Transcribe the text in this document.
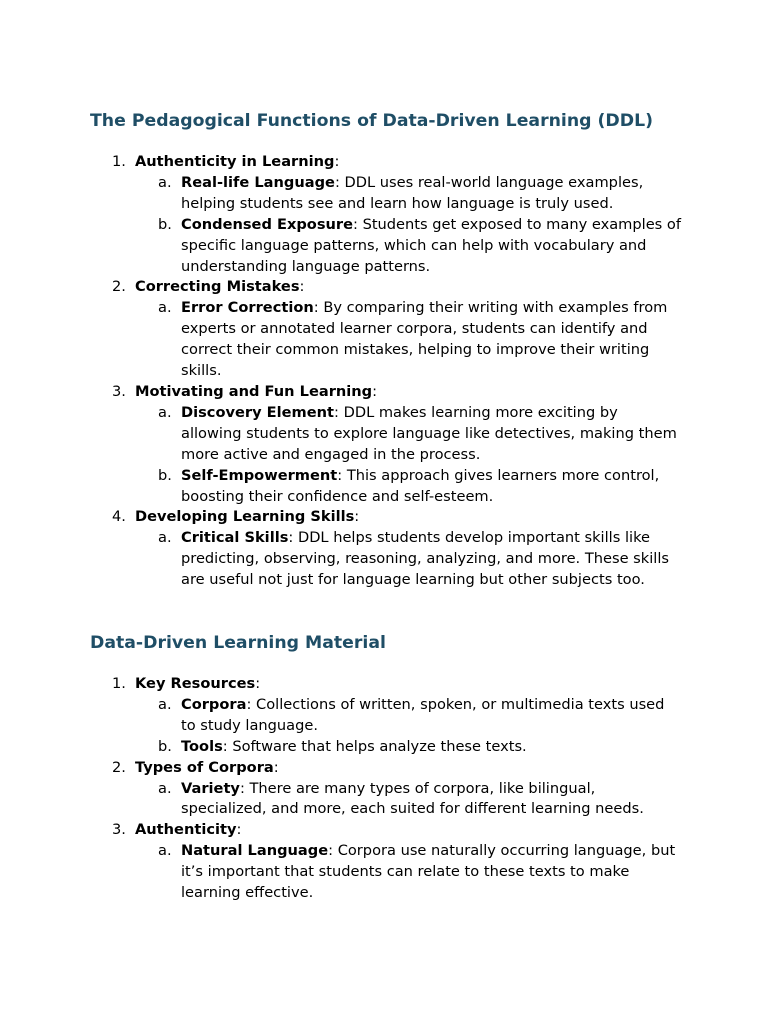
The Pedagogical Functions of Data-Driven Learning (DDL)
1. Authenticity in Learning:
a. Real-life Language: DDL uses real-world language examples, helping students see and learn how language is truly used.
b. Condensed Exposure: Students get exposed to many examples of specific language patterns, which can help with vocabulary and understanding language patterns.
2. Correcting Mistakes:
a. Error Correction: By comparing their writing with examples from experts or annotated learner corpora, students can identify and correct their common mistakes, helping to improve their writing skills.
3. Motivating and Fun Learning:
a. Discovery Element: DDL makes learning more exciting by allowing students to explore language like detectives, making them more active and engaged in the process.
b. Self-Empowerment: This approach gives learners more control, boosting their confidence and self-esteem.
4. Developing Learning Skills:
a. Critical Skills: DDL helps students develop important skills like predicting, observing, reasoning, analyzing, and more. These skills are useful not just for language learning but other subjects too.
Data-Driven Learning Material
1. Key Resources:
a. Corpora: Collections of written, spoken, or multimedia texts used to study language.
b. Tools: Software that helps analyze these texts.
2. Types of Corpora:
a. Variety: There are many types of corpora, like bilingual, specialized, and more, each suited for different learning needs.
3. Authenticity:
a. Natural Language: Corpora use naturally occurring language, but it’s important that students can relate to these texts to make learning effective.
